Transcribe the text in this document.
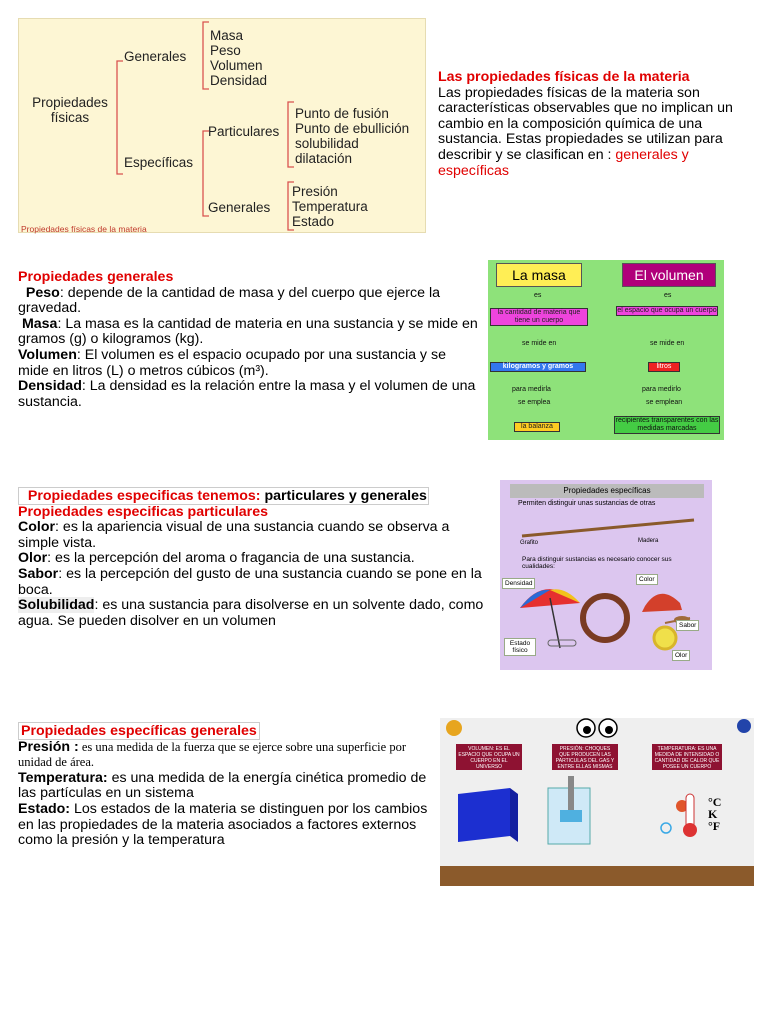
Propiedades
físicas
Generales
Masa
Peso
Volumen
Densidad
Específicas
Particulares
Punto de fusión
Punto de ebullición
solubilidad
dilatación
Generales
Presión
Temperatura
Estado
Propiedades físicas de la materia
Las propiedades físicas de la materia
Las propiedades físicas de la materia son características observables que no implican un cambio en la composición química de una sustancia. Estas propiedades se utilizan para describir y se clasifican en : generales y específicas
Propiedades generales
Peso: depende de la cantidad de masa y del cuerpo que ejerce la gravedad.
Masa: La masa es la cantidad de materia en una sustancia y se mide en gramos (g) o kilogramos (kg).
Volumen: El volumen es el espacio ocupado por una sustancia y se mide en litros (L) o metros cúbicos (m³).
Densidad: La densidad es la relación entre la masa y el volumen de una sustancia.
La masa	El volumen
es	es
la cantidad de materia que tiene un cuerpo
el espacio que ocupa un cuerpo
se mide en	se mide en
kilogramos y gramos	litros
para medirla	para medirlo
se emplea	se emplean
la balanza
recipientes transparentes con las medidas marcadas
Propiedades especificas tenemos: particulares y generales
Propiedades especificas particulares
Color: es la apariencia visual de una sustancia cuando se observa a simple vista.
Olor: es la percepción del aroma o fragancia de una sustancia.
Sabor: es la percepción del gusto de una sustancia cuando se pone en la boca.
Solubilidad: es una sustancia para disolverse en un solvente dado, como agua. Se pueden disolver en un volumen
Propiedades específicas
Permiten distinguir unas sustancias de otras
Grafito	Madera
Para distinguir sustancias es necesario conocer sus cualidades:
Densidad
Color
Sabor
Estado físico
Olor
Propiedades específicas generales
Presión : es una medida de la fuerza que se ejerce sobre una superficie por unidad de área.
Temperatura: es una medida de la energía cinética promedio de las partículas en un sistema
Estado: Los estados de la materia se distinguen por los cambios en las propiedades de la materia asociados a factores externos como la presión y la temperatura
VOLUMEN: ES EL ESPACIO QUE OCUPA UN CUERPO EN EL UNIVERSO
PRESIÓN: CHOQUES QUE PRODUCEN LAS PARTICULAS DEL GAS Y ENTRE ELLAS MISMAS
TEMPERATURA: ES UNA MEDIDA DE INTENSIDAD O CANTIDAD DE CALOR QUE POSEE UN CUERPO
°C
K
°F
